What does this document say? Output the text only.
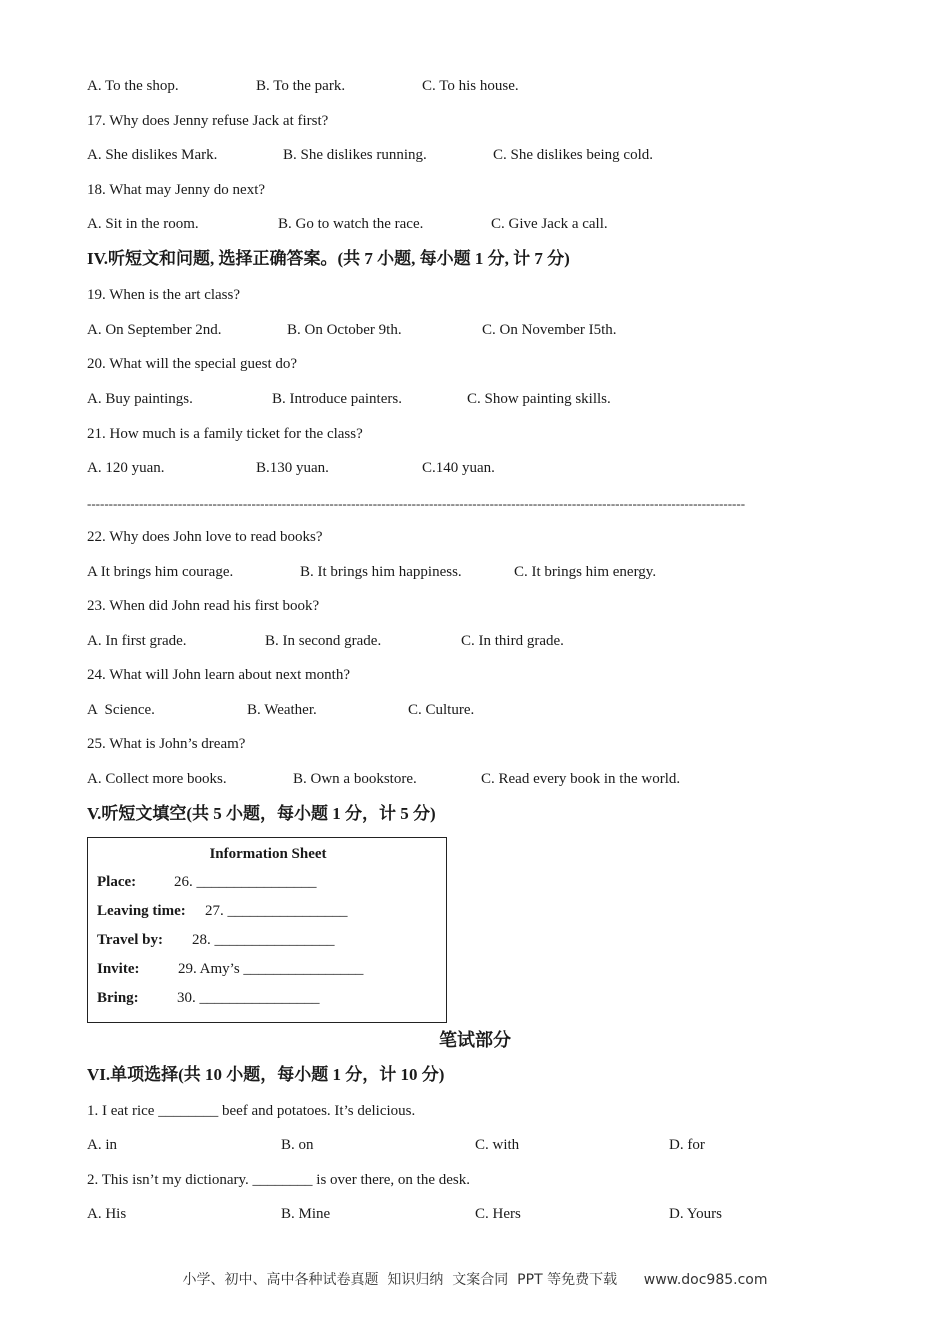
A. To the shop.	B. To the park.	C. To his house.
17. Why does Jenny refuse Jack at first?
A. She dislikes Mark.	B. She dislikes running.	C. She dislikes being cold.
18. What may Jenny do next?
A. Sit in the room.	B. Go to watch the race.	C. Give Jack a call.
IV.听短文和问题, 选择正确答案。(共 7 小题, 每小题 1 分, 计 7 分)
19. When is the art class?
A. On September 2nd.	B. On October 9th.	C. On November I5th.
20. What will the special guest do?
A. Buy paintings.	B. Introduce painters.	C. Show painting skills.
21. How much is a family ticket for the class?
A. 120 yuan.	B.130 yuan.	C.140 yuan.
--------------------------------------------------------------------------------------------------------------------------------------------------------
22. Why does John love to read books?
A It brings him courage.	B. It brings him happiness.	C. It brings him energy.
23. When did John read his first book?
A. In first grade.	B. In second grade.	C. In third grade.
24. What will John learn about next month?
A  Science.	B. Weather.	C. Culture.
25. What is John’s dream?
A. Collect more books.	B. Own a bookstore.	C. Read every book in the world.
V.听短文填空(共 5 小题，每小题 1 分，计 5 分)
Information Sheet
Place:	26. ________________
Leaving time: 27. ________________
Travel by: 28. ________________
Invite:	29. Amy’s ________________
Bring:	30. ________________
笔试部分
VI.单项选择(共 10 小题，每小题 1 分，计 10 分)
1. I eat rice ________ beef and potatoes. It’s delicious.
A. in	B. on	C. with	D. for
2. This isn’t my dictionary. ________ is over there, on the desk.
A. His	B. Mine	C. Hers	D. Yours
小学、初中、高中各种试卷真题  知识归纳  文案合同  PPT 等免费下载      www.doc985.com
